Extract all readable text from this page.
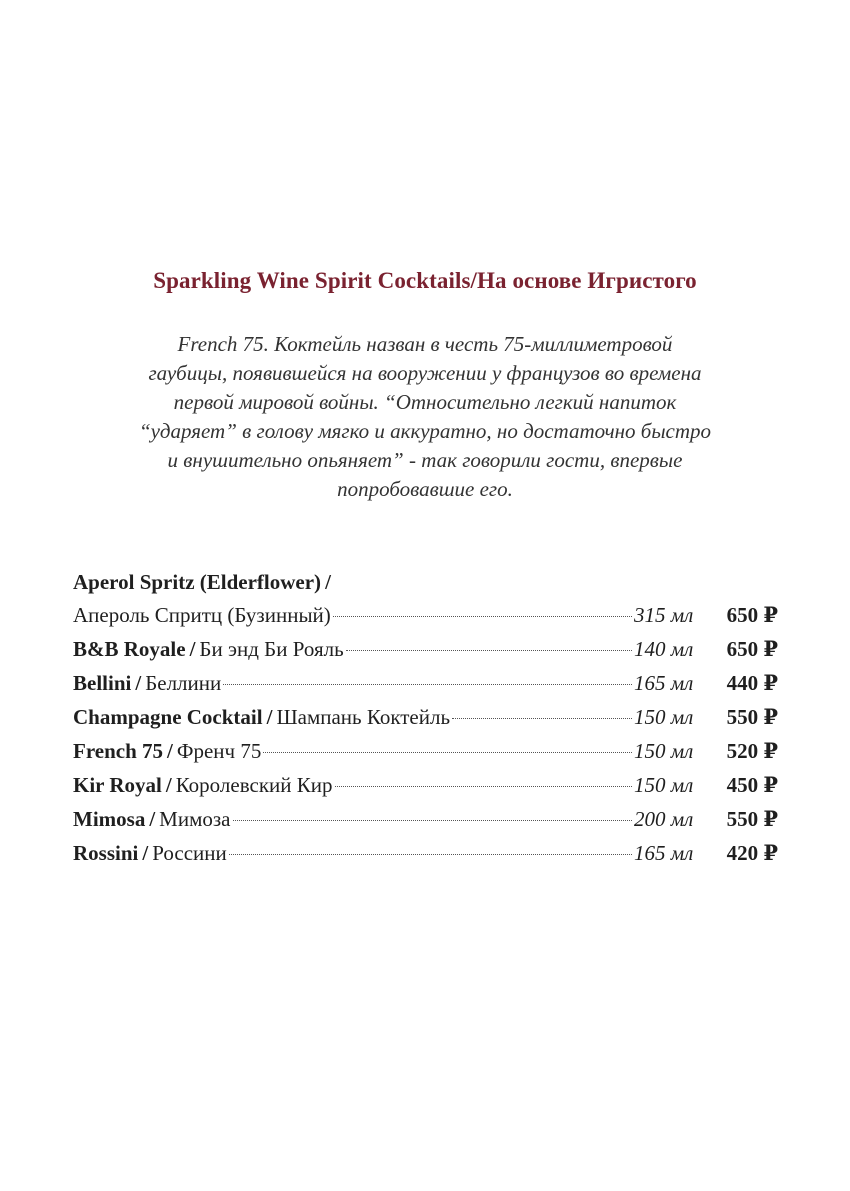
Sparkling Wine Spirit Cocktails/На основе Игристого
French 75. Коктейль назван в честь 75-миллиметровой
гаубицы, появившейся на вооружении у французов во времена
первой мировой войны. “Относительно легкий напиток
“ударяет” в голову мягко и аккуратно, но достаточно быстро
и внушительно опьяняет” - так говорили гости, впервые
попробовавшие его.
Aperol Spritz (Elderflower) /
Апероль Спритц (Бузинный)	315 мл	650 ₽
B&B Royale / Би энд Би Рояль	140 мл	650 ₽
Bellini / Беллини	165 мл	440 ₽
Champagne Cocktail / Шампань Коктейль	150 мл	550 ₽
French 75 / Френч 75	150 мл	520 ₽
Kir Royal / Королевский Кир	150 мл	450 ₽
Mimosa / Мимоза	200 мл	550 ₽
Rossini / Россини	165 мл	420 ₽
